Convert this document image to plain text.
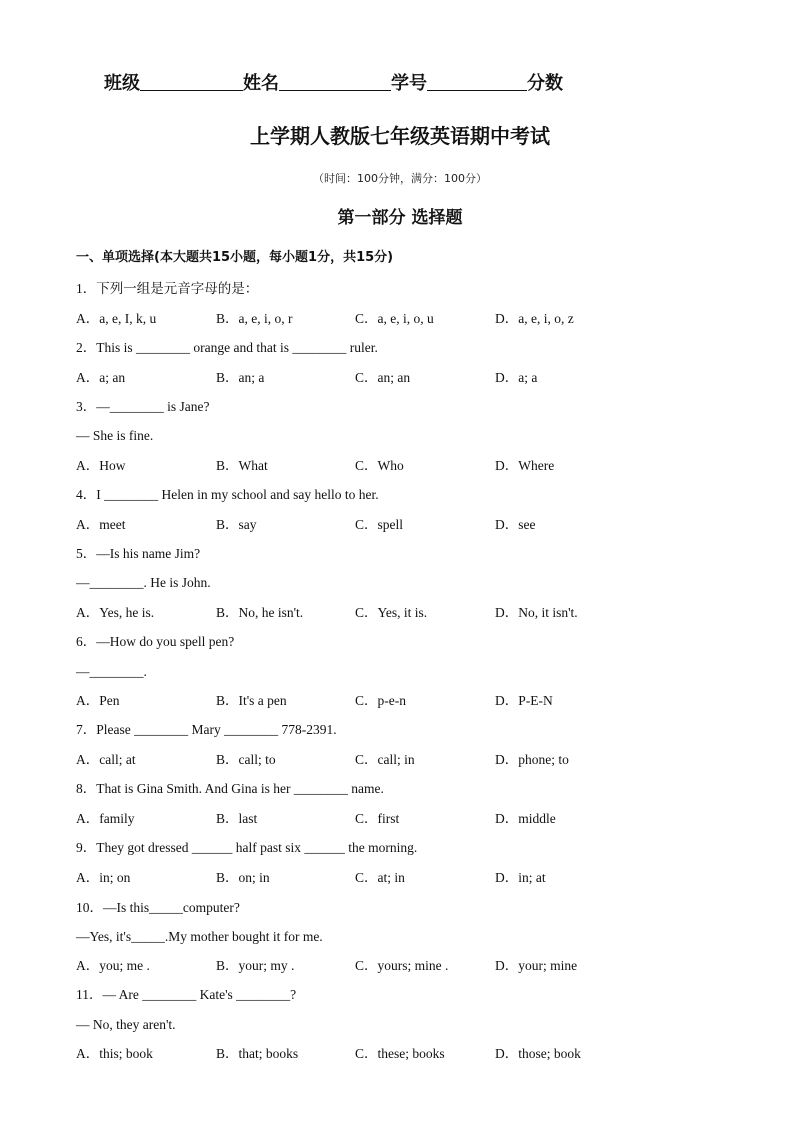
班级	姓名	学号	分数
上学期人教版七年级英语期中考试
（时间：100分钟，满分：100分）
第一部分 选择题
一、单项选择(本大题共15小题，每小题1分，共15分)
1．下列一组是元音字母的是：
A．a, e, I, k, u	B．a, e, i, o, r	C．a, e, i, o, u	D．a, e, i, o, z
2．This is ________ orange and that is ________ ruler.
A．a; an	B．an; a	C．an; an	D．a; a
3．—________ is Jane?
— She is fine.
A．How	B．What	C．Who	D．Where
4．I ________ Helen in my school and say hello to her.
A．meet	B．say	C．spell	D．see
5．—Is his name Jim?
—________. He is John.
A．Yes, he is.	B．No, he isn't.	C．Yes, it is.	D．No, it isn't.
6．—How do you spell pen?
—________.
A．Pen	B．It's a pen	C．p-e-n	D．P-E-N
7．Please ________ Mary ________ 778-2391.
A．call; at	B．call; to	C．call; in	D．phone; to
8．That is Gina Smith. And Gina is her ________ name.
A．family	B．last	C．first	D．middle
9．They got dressed ______ half past six ______ the morning.
A．in; on	B．on; in	C．at; in	D．in; at
10．—Is this_____computer?
—Yes, it's_____.My mother bought it for me.
A．you; me .	B．your; my .	C．yours; mine .	D．your; mine
11．— Are ________ Kate's ________?
— No, they aren't.
A．this; book	B．that; books	C．these; books	D．those; book
